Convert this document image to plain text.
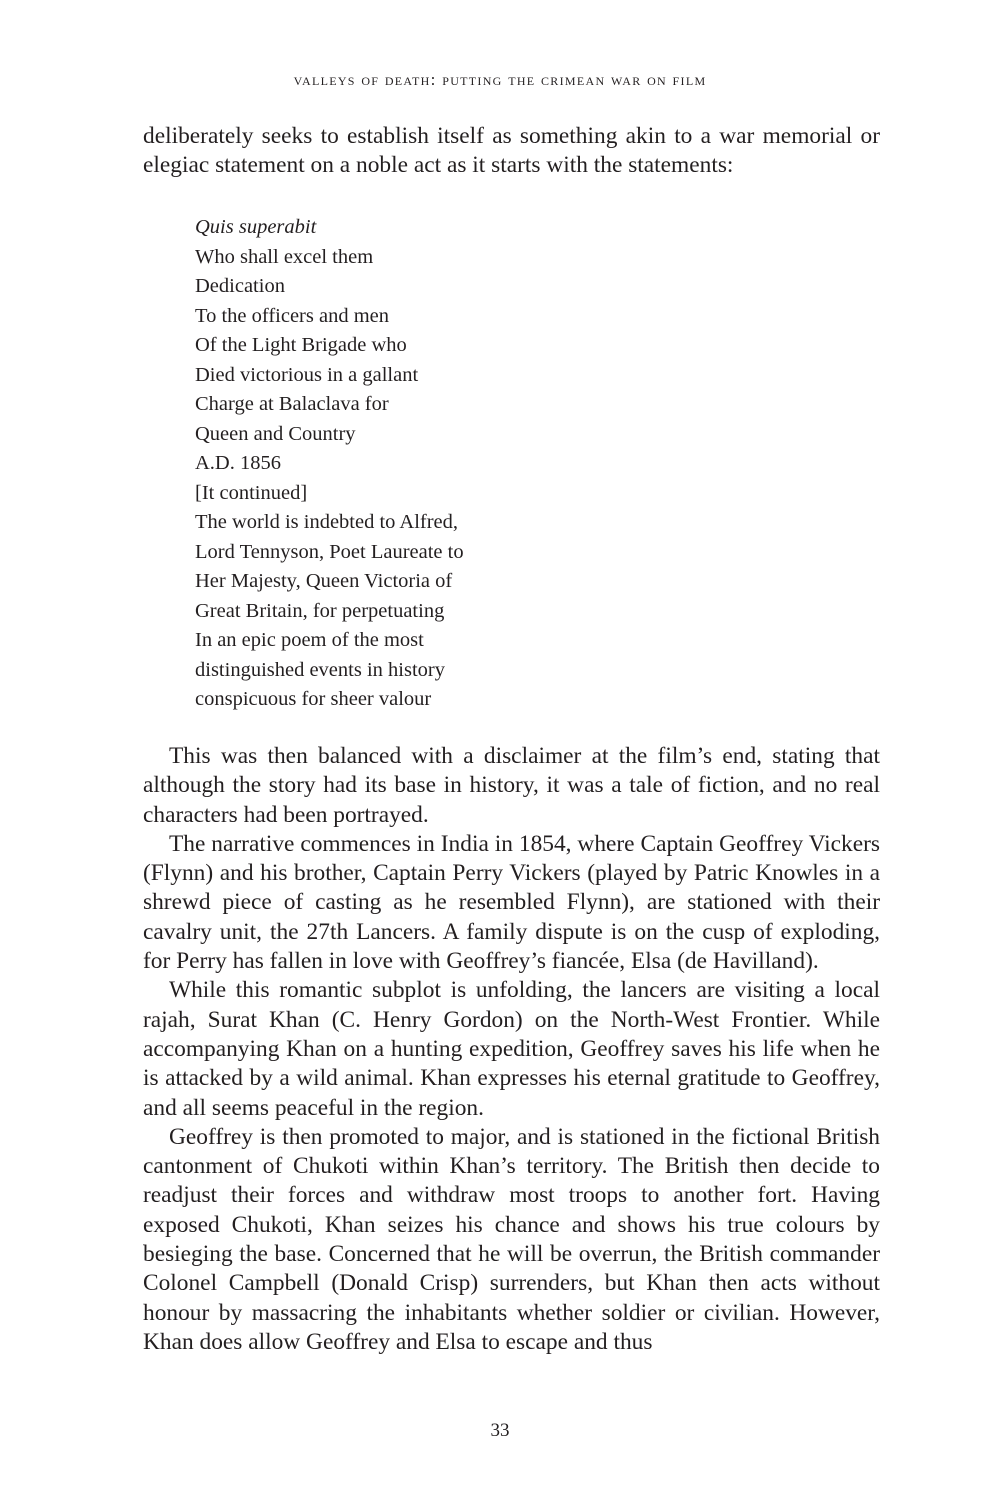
valleys of death: putting the crimean war on film

deliberately seeks to establish itself as something akin to a war memorial or elegiac statement on a noble act as it starts with the statements:

Quis superabit
Who shall excel them
Dedication
To the officers and men
Of the Light Brigade who
Died victorious in a gallant
Charge at Balaclava for
Queen and Country
A.D. 1856
[It continued]
The world is indebted to Alfred,
Lord Tennyson, Poet Laureate to
Her Majesty, Queen Victoria of
Great Britain, for perpetuating
In an epic poem of the most
distinguished events in history
conspicuous for sheer valour

This was then balanced with a disclaimer at the film’s end, stating that although the story had its base in history, it was a tale of fiction, and no real characters had been portrayed.

The narrative commences in India in 1854, where Captain Geoffrey Vickers (Flynn) and his brother, Captain Perry Vickers (played by Patric Knowles in a shrewd piece of casting as he resembled Flynn), are stationed with their cavalry unit, the 27th Lancers. A family dispute is on the cusp of exploding, for Perry has fallen in love with Geoffrey’s fiancée, Elsa (de Havilland).

While this romantic subplot is unfolding, the lancers are visiting a local rajah, Surat Khan (C. Henry Gordon) on the North-West Frontier. While accompanying Khan on a hunting expedition, Geoffrey saves his life when he is attacked by a wild animal. Khan expresses his eternal gratitude to Geoffrey, and all seems peaceful in the region.

Geoffrey is then promoted to major, and is stationed in the fictional British cantonment of Chukoti within Khan’s territory. The British then decide to readjust their forces and withdraw most troops to another fort. Having exposed Chukoti, Khan seizes his chance and shows his true colours by besieging the base. Concerned that he will be overrun, the British commander Colonel Campbell (Donald Crisp) surrenders, but Khan then acts without honour by massacring the inhabitants whether soldier or civilian. However, Khan does allow Geoffrey and Elsa to escape and thus

33
